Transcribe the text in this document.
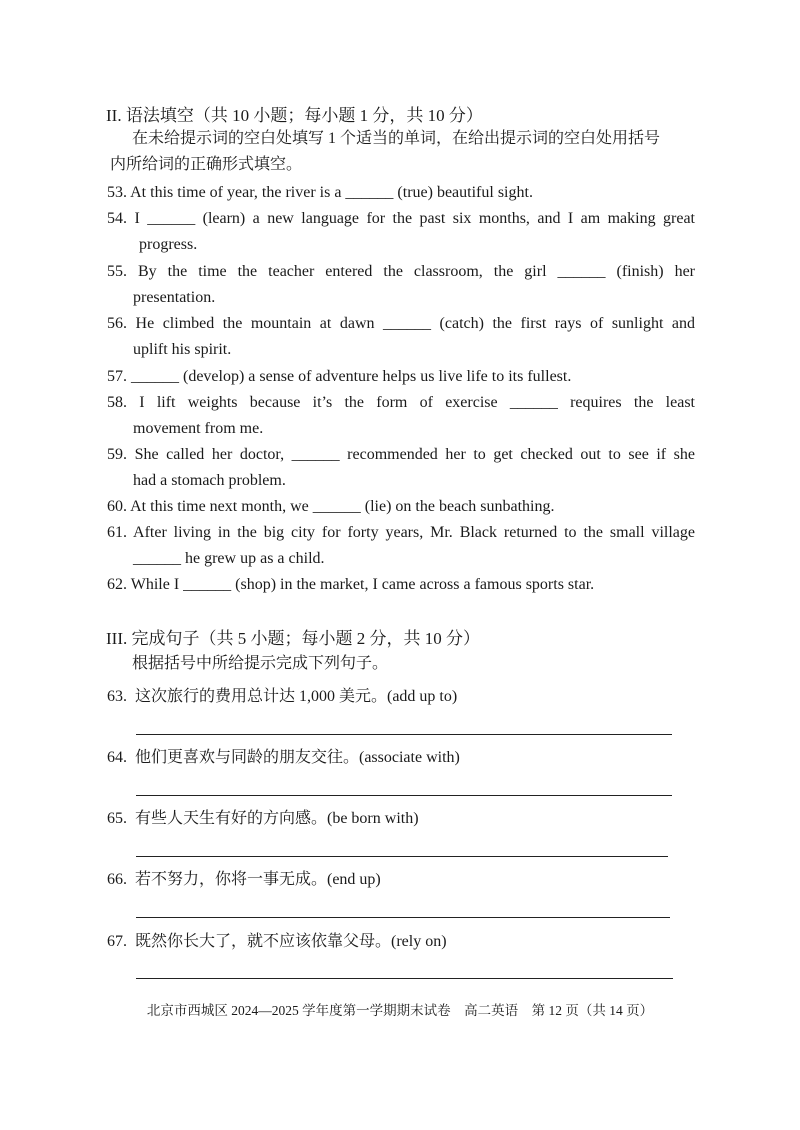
II. 语法填空（共 10 小题；每小题 1 分，共 10 分）
在未给提示词的空白处填写 1 个适当的单词，在给出提示词的空白处用括号
内所给词的正确形式填空。
53. At this time of year, the river is a ______ (true) beautiful sight.
54. I ______ (learn) a new language for the past six months, and I am making great
progress.
55. By the time the teacher entered the classroom, the girl ______ (finish) her
presentation.
56. He climbed the mountain at dawn ______ (catch) the first rays of sunlight and
uplift his spirit.
57. ______ (develop) a sense of adventure helps us live life to its fullest.
58. I lift weights because it’s the form of exercise ______ requires the least
movement from me.
59. She called her doctor, ______ recommended her to get checked out to see if she
had a stomach problem.
60. At this time next month, we ______ (lie) on the beach sunbathing.
61. After living in the big city for forty years, Mr. Black returned to the small village
______ he grew up as a child.
62. While I ______ (shop) in the market, I came across a famous sports star.
III. 完成句子（共 5 小题；每小题 2 分，共 10 分）
根据括号中所给提示完成下列句子。
63. 这次旅行的费用总计达 1,000 美元。(add up to)
64. 他们更喜欢与同龄的朋友交往。(associate with)
65. 有些人天生有好的方向感。(be born with)
66. 若不努力，你将一事无成。(end up)
67. 既然你长大了，就不应该依靠父母。(rely on)
北京市西城区 2024—2025 学年度第一学期期末试卷　高二英语　第 12 页（共 14 页）
